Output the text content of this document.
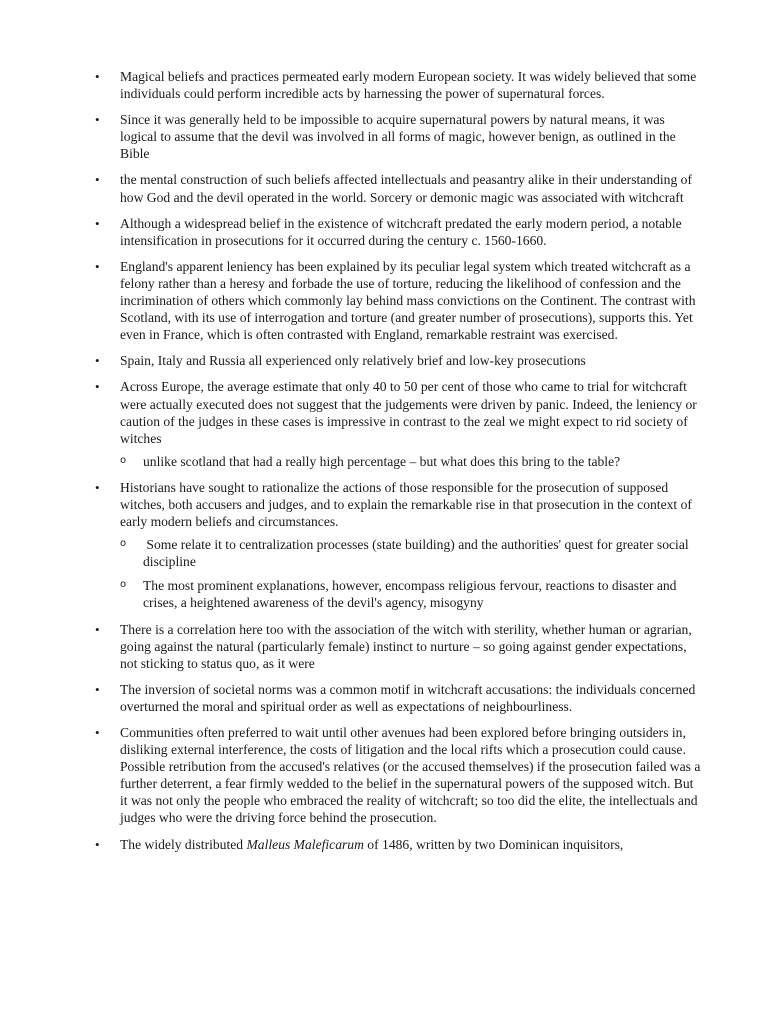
• Magical beliefs and practices permeated early modern European society. It was widely believed that some individuals could perform incredible acts by harnessing the power of supernatural forces.
• Since it was generally held to be impossible to acquire supernatural powers by natural means, it was logical to assume that the devil was involved in all forms of magic, however benign, as outlined in the Bible
• the mental construction of such beliefs affected intellectuals and peasantry alike in their understanding of how God and the devil operated in the world. Sorcery or demonic magic was associated with witchcraft
• Although a widespread belief in the existence of witchcraft predated the early modern period, a notable intensification in prosecutions for it occurred during the century c. 1560-1660.
• England's apparent leniency has been explained by its peculiar legal system which treated witchcraft as a felony rather than a heresy and forbade the use of torture, reducing the likelihood of confession and the incrimination of others which commonly lay behind mass convictions on the Continent. The contrast with Scotland, with its use of interrogation and torture (and greater number of prosecutions), supports this. Yet even in France, which is often contrasted with England, remarkable restraint was exercised.
• Spain, Italy and Russia all experienced only relatively brief and low-key prosecutions
• Across Europe, the average estimate that only 40 to 50 per cent of those who came to trial for witchcraft were actually executed does not suggest that the judgements were driven by panic. Indeed, the leniency or caution of the judges in these cases is impressive in contrast to the zeal we might expect to rid society of witches
o unlike scotland that had a really high percentage – but what does this bring to the table?
• Historians have sought to rationalize the actions of those responsible for the prosecution of supposed witches, both accusers and judges, and to explain the remarkable rise in that prosecution in the context of early modern beliefs and circumstances.
o Some relate it to centralization processes (state building) and the authorities' quest for greater social discipline
o The most prominent explanations, however, encompass religious fervour, reactions to disaster and crises, a heightened awareness of the devil's agency, misogyny
• There is a correlation here too with the association of the witch with sterility, whether human or agrarian, going against the natural (particularly female) instinct to nurture – so going against gender expectations, not sticking to status quo, as it were
• The inversion of societal norms was a common motif in witchcraft accusations: the individuals concerned overturned the moral and spiritual order as well as expectations of neighbourliness.
• Communities often preferred to wait until other avenues had been explored before bringing outsiders in, disliking external interference, the costs of litigation and the local rifts which a prosecution could cause. Possible retribution from the accused's relatives (or the accused themselves) if the prosecution failed was a further deterrent, a fear firmly wedded to the belief in the supernatural powers of the supposed witch. But it was not only the people who embraced the reality of witchcraft; so too did the elite, the intellectuals and judges who were the driving force behind the prosecution.
• The widely distributed Malleus Maleficarum of 1486, written by two Dominican inquisitors,
